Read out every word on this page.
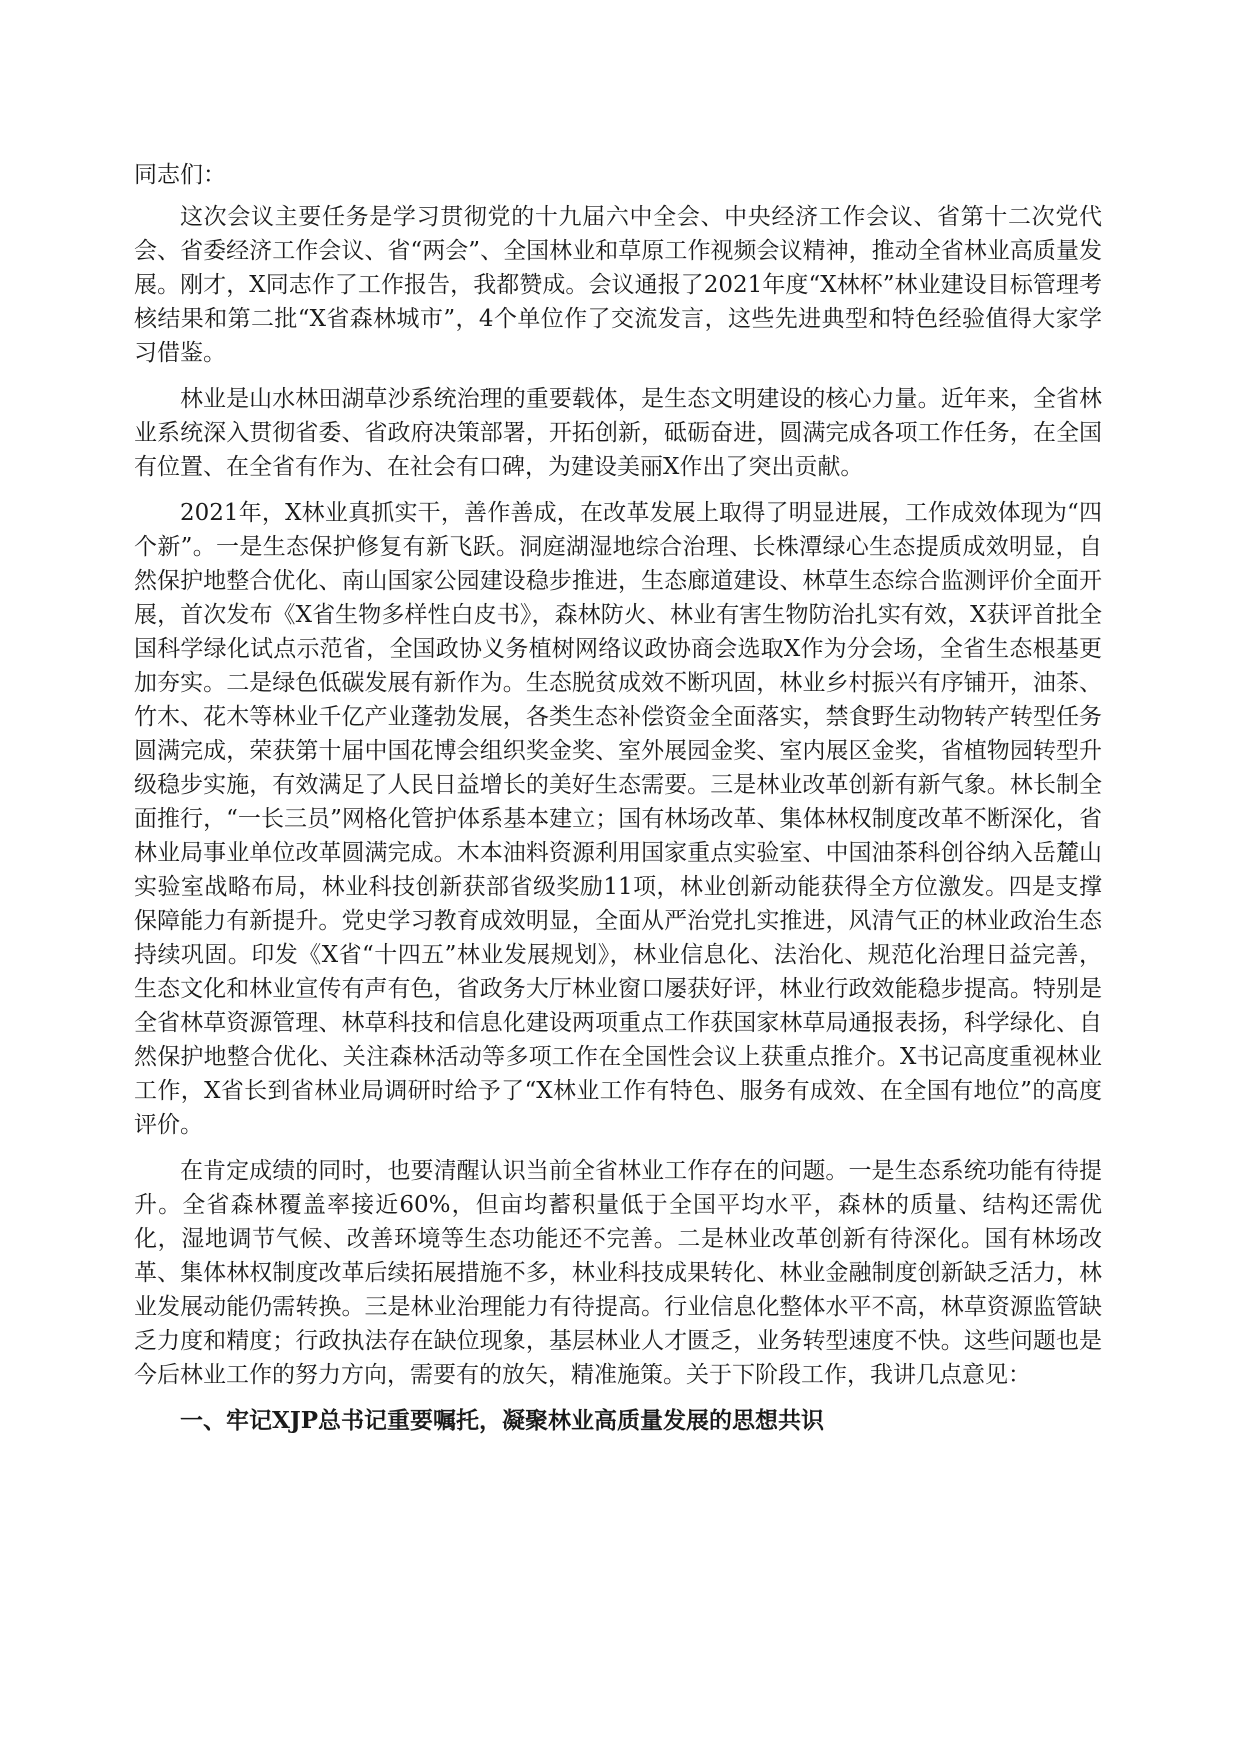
同志们：

这次会议主要任务是学习贯彻党的十九届六中全会、中央经济工作会议、省第十二次党代会、省委经济工作会议、省“两会”、全国林业和草原工作视频会议精神，推动全省林业高质量发展。刚才，X同志作了工作报告，我都赞成。会议通报了2021年度“X林杯”林业建设目标管理考核结果和第二批“X省森林城市”，4个单位作了交流发言，这些先进典型和特色经验值得大家学习借鉴。

林业是山水林田湖草沙系统治理的重要载体，是生态文明建设的核心力量。近年来，全省林业系统深入贯彻省委、省政府决策部署，开拓创新，砥砺奋进，圆满完成各项工作任务，在全国有位置、在全省有作为、在社会有口碑，为建设美丽X作出了突出贡献。

2021年，X林业真抓实干，善作善成，在改革发展上取得了明显进展，工作成效体现为“四个新”。一是生态保护修复有新飞跃。洞庭湖湿地综合治理、长株潭绿心生态提质成效明显，自然保护地整合优化、南山国家公园建设稳步推进，生态廊道建设、林草生态综合监测评价全面开展，首次发布《X省生物多样性白皮书》，森林防火、林业有害生物防治扎实有效，X获评首批全国科学绿化试点示范省，全国政协义务植树网络议政协商会选取X作为分会场，全省生态根基更加夯实。二是绿色低碳发展有新作为。生态脱贫成效不断巩固，林业乡村振兴有序铺开，油茶、竹木、花木等林业千亿产业蓬勃发展，各类生态补偿资金全面落实，禁食野生动物转产转型任务圆满完成，荣获第十届中国花博会组织奖金奖、室外展园金奖、室内展区金奖，省植物园转型升级稳步实施，有效满足了人民日益增长的美好生态需要。三是林业改革创新有新气象。林长制全面推行，“一长三员”网格化管护体系基本建立；国有林场改革、集体林权制度改革不断深化，省林业局事业单位改革圆满完成。木本油料资源利用国家重点实验室、中国油茶科创谷纳入岳麓山实验室战略布局，林业科技创新获部省级奖励11项，林业创新动能获得全方位激发。四是支撑保障能力有新提升。党史学习教育成效明显，全面从严治党扎实推进，风清气正的林业政治生态持续巩固。印发《X省“十四五”林业发展规划》，林业信息化、法治化、规范化治理日益完善，生态文化和林业宣传有声有色，省政务大厅林业窗口屡获好评，林业行政效能稳步提高。特别是全省林草资源管理、林草科技和信息化建设两项重点工作获国家林草局通报表扬，科学绿化、自然保护地整合优化、关注森林活动等多项工作在全国性会议上获重点推介。X书记高度重视林业工作，X省长到省林业局调研时给予了“X林业工作有特色、服务有成效、在全国有地位”的高度评价。

在肯定成绩的同时，也要清醒认识当前全省林业工作存在的问题。一是生态系统功能有待提升。全省森林覆盖率接近60%，但亩均蓄积量低于全国平均水平，森林的质量、结构还需优化，湿地调节气候、改善环境等生态功能还不完善。二是林业改革创新有待深化。国有林场改革、集体林权制度改革后续拓展措施不多，林业科技成果转化、林业金融制度创新缺乏活力，林业发展动能仍需转换。三是林业治理能力有待提高。行业信息化整体水平不高，林草资源监管缺乏力度和精度；行政执法存在缺位现象，基层林业人才匮乏，业务转型速度不快。这些问题也是今后林业工作的努力方向，需要有的放矢，精准施策。关于下阶段工作，我讲几点意见：

一、牢记XJP总书记重要嘱托，凝聚林业高质量发展的思想共识
